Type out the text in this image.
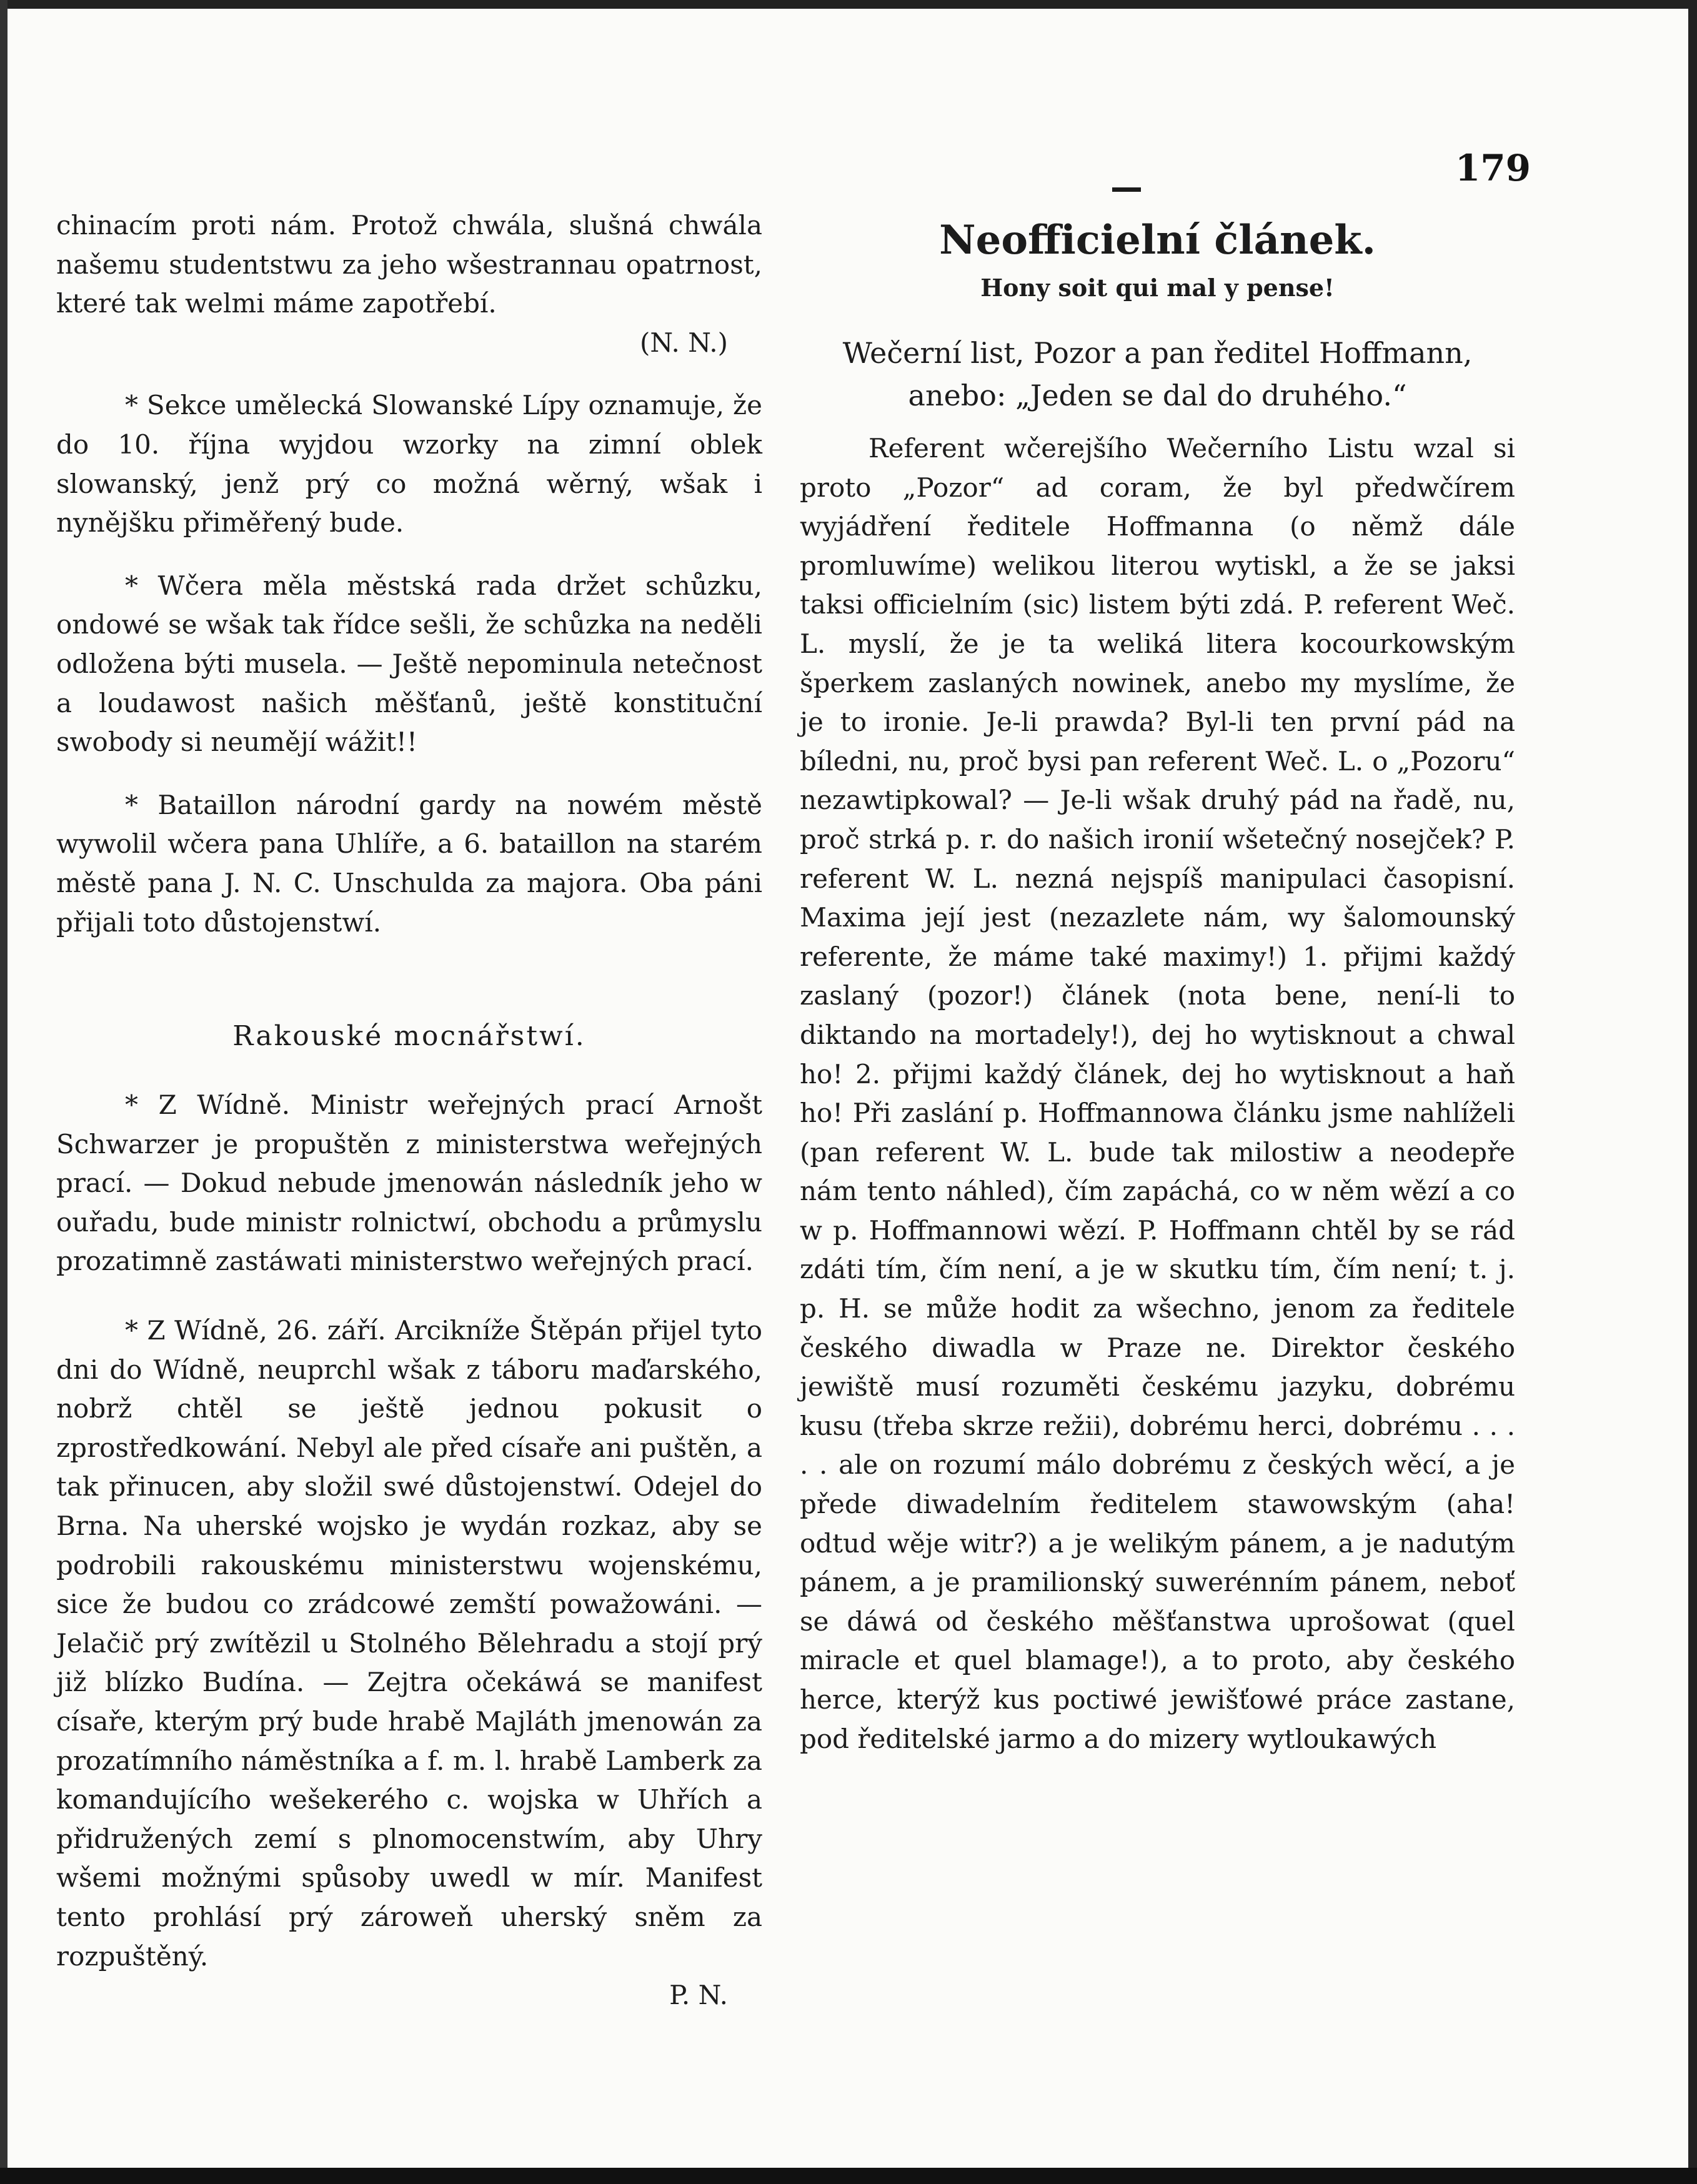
179

chinacím proti nám. Protož chwála, slušná chwála našemu studentstwu za jeho wšestrannau opatrnost, které tak welmi máme zapotřebí.

(N. N.)

* Sekce umělecká Slowanské Lípy oznamuje, že do 10. října wyjdou wzorky na zimní oblek slowanský, jenž prý co možná wěrný, wšak i nynějšku přiměřený bude.

* Wčera měla městská rada držet schůzku, ondowé se wšak tak řídce sešli, že schůzka na neděli odložena býti musela. — Ještě nepominula netečnost a loudawost našich měšťanů, ještě konstituční swobody si neumějí wážit!!

* Bataillon národní gardy na nowém městě wywolil wčera pana Uhlíře, a 6. bataillon na starém městě pana J. N. C. Unschulda za majora. Oba páni přijali toto důstojenstwí.

Rakouské mocnářstwí.

* Z Wídně. Ministr weřejných prací Arnošt Schwarzer je propuštěn z ministerstwa weřejných prací. — Dokud nebude jmenowán následník jeho w ouřadu, bude ministr rolnictwí, obchodu a průmyslu prozatimně zastáwati ministerstwo weřejných prací.

* Z Wídně, 26. září. Arcikníže Štěpán přijel tyto dni do Wídně, neuprchl wšak z táboru maďarského, nobrž chtěl se ještě jednou pokusit o zprostředkowání. Nebyl ale před císaře ani puštěn, a tak přinucen, aby složil swé důstojenstwí. Odejel do Brna. Na uherské wojsko je wydán rozkaz, aby se podrobili rakouskému ministerstwu wojenskému, sice že budou co zrádcowé zemští powažowáni. — Jelačič prý zwítězil u Stolného Bělehradu a stojí prý již blízko Budína. — Zejtra očekáwá se manifest císaře, kterým prý bude hrabě Majláth jmenowán za prozatímního náměstníka a f. m. l. hrabě Lamberk za komandujícího wešekerého c. wojska w Uhřích a přidružených zemí s plnomocenstwím, aby Uhry wšemi možnými spůsoby uwedl w mír. Manifest tento prohlásí prý zároweň uherský sněm za rozpuštěný.

P. N.

Neofficielní článek.

Hony soit qui mal y pense!

Wečerní list, Pozor a pan ředitel Hoffmann,

anebo: „Jeden se dal do druhého.“

Referent wčerejšího Wečerního Listu wzal si proto „Pozor“ ad coram, že byl předwčírem wyjádření ředitele Hoffmanna (o němž dále promluwíme) welikou literou wytiskl, a že se jaksi taksi officielním (sic) listem býti zdá. P. referent Weč. L. myslí, že je ta weliká litera kocourkowským šperkem zaslaných nowinek, anebo my myslíme, že je to ironie. Je-li prawda? Byl-li ten první pád na bíledni, nu, proč bysi pan referent Weč. L. o „Pozoru“ nezawtipkowal? — Je-li wšak druhý pád na řadě, nu, proč strká p. r. do našich ironií wšetečný nosejček? P. referent W. L. nezná nejspíš manipulaci časopisní. Maxima její jest (nezazlete nám, wy šalomounský referente, že máme také maximy!) 1. přijmi každý zaslaný (pozor!) článek (nota bene, není-li to diktando na mortadely!), dej ho wytisknout a chwal ho! 2. přijmi každý článek, dej ho wytisknout a haň ho! Při zaslání p. Hoffmannowa článku jsme nahlíželi (pan referent W. L. bude tak milostiw a neodepře nám tento náhled), čím zapáchá, co w něm wězí a co w p. Hoffmannowi wězí. P. Hoffmann chtěl by se rád zdáti tím, čím není, a je w skutku tím, čím není; t. j. p. H. se může hodit za wšechno, jenom za ředitele českého diwadla w Praze ne. Direktor českého jewiště musí rozuměti českému jazyku, dobrému kusu (třeba skrze režii), dobrému herci, dobrému . . . . . ale on rozumí málo dobrému z českých wěcí, a je přede diwadelním ředitelem stawowským (aha! odtud wěje witr?) a je welikým pánem, a je nadutým pánem, a je pramilionský suwerénním pánem, neboť se dáwá od českého měšťanstwa uprošowat (quel miracle et quel blamage!), a to proto, aby českého herce, kterýž kus poctiwé jewišťowé práce zastane, pod ředitelské jarmo a do mizery wytloukawých
